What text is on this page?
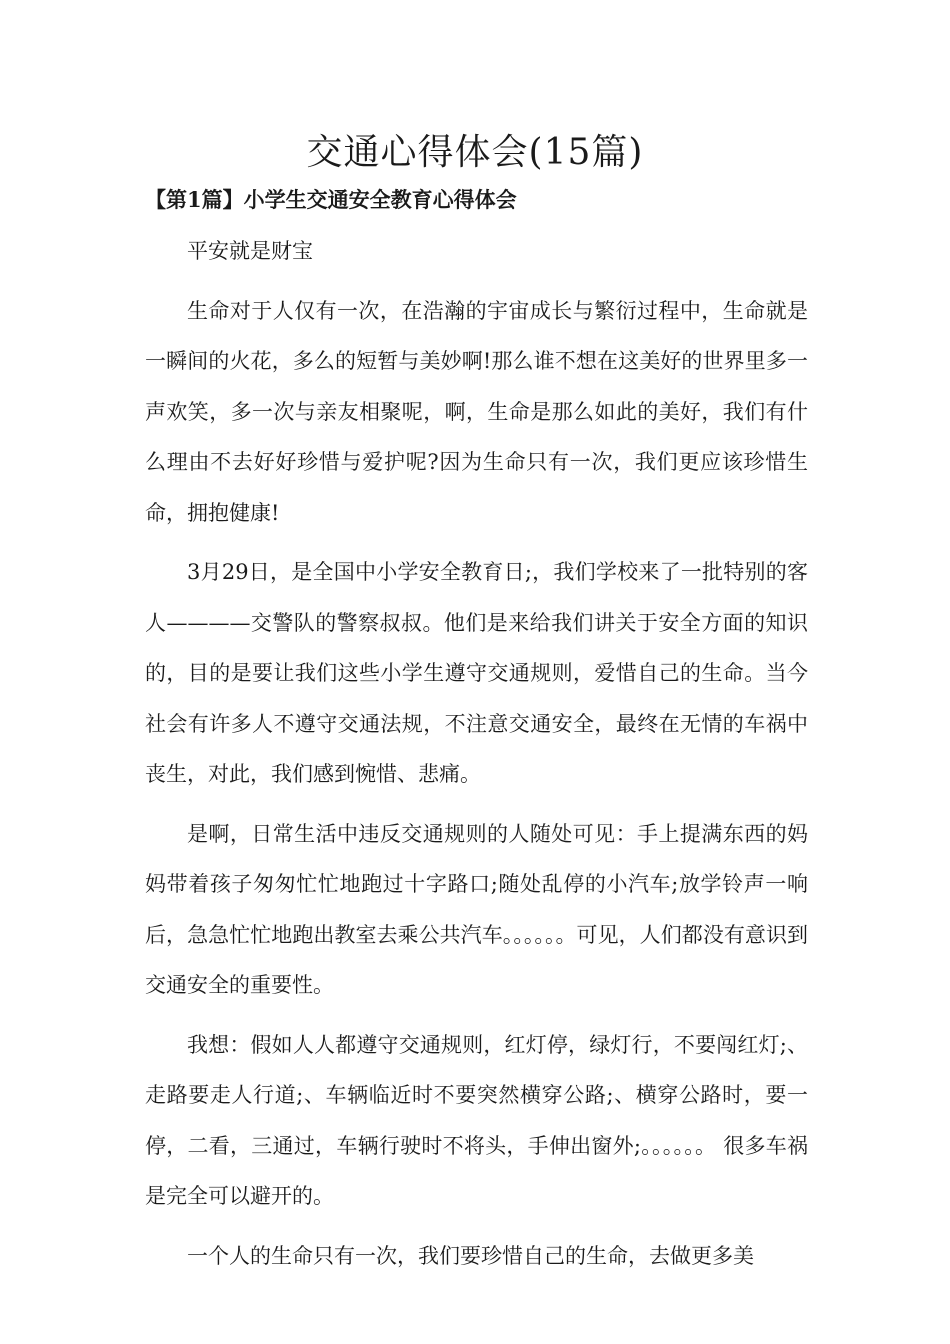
交通心得体会(15篇)
【第1篇】小学生交通安全教育心得体会

平安就是财宝

生命对于人仅有一次，在浩瀚的宇宙成长与繁衍过程中，生命就是一瞬间的火花，多么的短暂与美妙啊!那么谁不想在这美好的世界里多一声欢笑，多一次与亲友相聚呢，啊，生命是那么如此的美好，我们有什么理由不去好好珍惜与爱护呢?因为生命只有一次，我们更应该珍惜生命，拥抱健康!

3月29日，是全国中小学安全教育日;，我们学校来了一批特别的客人————交警队的警察叔叔。他们是来给我们讲关于安全方面的知识的，目的是要让我们这些小学生遵守交通规则，爱惜自己的生命。当今社会有许多人不遵守交通法规，不注意交通安全，最终在无情的车祸中丧生，对此，我们感到惋惜、悲痛。

是啊，日常生活中违反交通规则的人随处可见：手上提满东西的妈妈带着孩子匆匆忙忙地跑过十字路口;随处乱停的小汽车;放学铃声一响后，急急忙忙地跑出教室去乘公共汽车。。。。。。可见，人们都没有意识到交通安全的重要性。

我想：假如人人都遵守交通规则，红灯停，绿灯行，不要闯红灯;、走路要走人行道;、车辆临近时不要突然横穿公路;、横穿公路时，要一停，二看，三通过，车辆行驶时不将头，手伸出窗外;。。。。。。 很多车祸是完全可以避开的。

一个人的生命只有一次，我们要珍惜自己的生命，去做更多美
